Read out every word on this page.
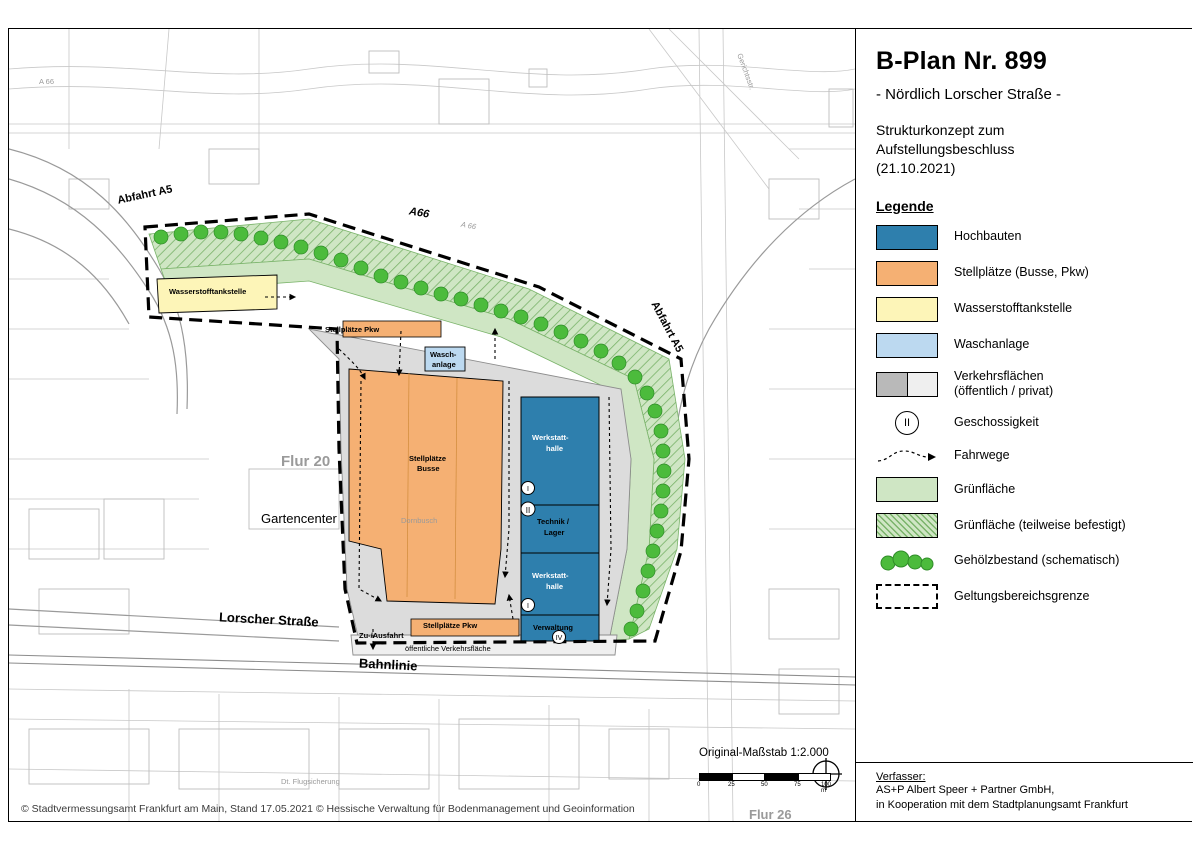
II
I
I
IV
A 66
Abfahrt A5
A66
A 66
Abfahrt A5
Gerichtsstr.
Wasserstofftankstelle
Stellplätze Pkw
Wasch-
anlage
Stellplätze
Busse
Dornbusch
Werkstatt-
halle
Technik /
Lager
Werkstatt-
halle
Verwaltung
Stellplätze Pkw
Zu-/Ausfahrt
öffentliche Verkehrsfläche
Flur 20
Flur 26
Gartencenter
Lorscher Straße
Bahnlinie
Dt. Flugsicherung
Original-Maßstab 1:2.000
0	25	50	75	100 m
© Stadtvermessungsamt Frankfurt am Main, Stand 17.05.2021 © Hessische Verwaltung für Bodenmanagement und Geoinformation
B-Plan Nr. 899
- Nördlich Lorscher Straße -
Strukturkonzept zum
Aufstellungsbeschluss
(21.10.2021)
Legende
Hochbauten
Stellplätze (Busse, Pkw)
Wasserstofftankstelle
Waschanlage
Verkehrsflächen
(öffentlich / privat)
II	Geschossigkeit
Fahrwege
Grünfläche
Grünfläche (teilweise befestigt)
Gehölzbestand (schematisch)
Geltungsbereichsgrenze
Verfasser:
AS+P Albert Speer + Partner GmbH,
in Kooperation mit dem Stadtplanungsamt Frankfurt
